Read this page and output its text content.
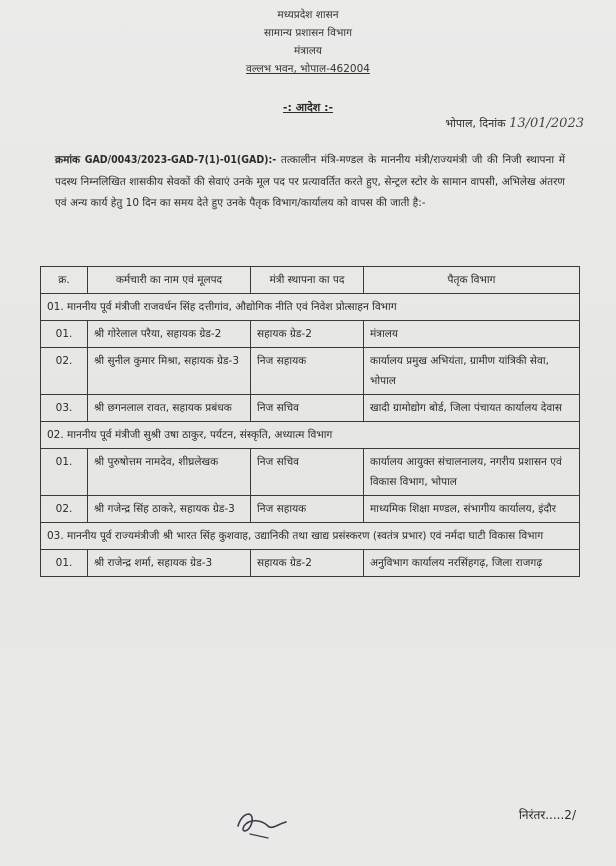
मध्यप्रदेश शासन
सामान्य प्रशासन विभाग
मंत्रालय
वल्लभ भवन, भोपाल-462004
-: आदेश :-
भोपाल, दिनांक 13/01/2023
क्रमांक GAD/0043/2023-GAD-7(1)-01(GAD):- तत्कालीन मंत्रि-मण्डल के माननीय मंत्री/राज्यमंत्री जी की निजी स्थापना में पदस्थ निम्नलिखित शासकीय सेवकों की सेवाएं उनके मूल पद पर प्रत्यावर्तित करते हुए, सेन्ट्रल स्टोर के सामान वापसी, अभिलेख अंतरण एवं अन्य कार्य हेतु 10 दिन का समय देते हुए उनके पैतृक विभाग/कार्यालय को वापस की जाती है:-
क्र.	कर्मचारी का नाम एवं मूलपद	मंत्री स्थापना का पद	पैतृक विभाग
01. माननीय पूर्व मंत्रीजी राजवर्धन सिंह दत्तीगांव, औद्योगिक नीति एवं निवेश प्रोत्साहन विभाग			
01.	श्री गोरेलाल परैया, सहायक ग्रेड-2	सहायक ग्रेड-2	मंत्रालय
02.	श्री सुनील कुमार मिश्रा, सहायक ग्रेड-3	निज सहायक	कार्यालय प्रमुख अभियंता, ग्रामीण यांत्रिकी सेवा, भोपाल
03.	श्री छगनलाल रावत, सहायक प्रबंधक	निज सचिव	खादी ग्रामोद्योग बोर्ड, जिला पंचायत कार्यालय देवास
02. माननीय पूर्व मंत्रीजी सुश्री उषा ठाकुर, पर्यटन, संस्कृति, अध्यात्म विभाग			
01.	श्री पुरुषोत्तम नामदेव, शीघ्रलेखक	निज सचिव	कार्यालय आयुक्त संचालनालय, नगरीय प्रशासन एवं विकास विभाग, भोपाल
02.	श्री गजेन्द्र सिंह ठाकरे, सहायक ग्रेड-3	निज सहायक	माध्यमिक शिक्षा मण्डल, संभागीय कार्यालय, इंदौर
03. माननीय पूर्व राज्यमंत्रीजी श्री भारत सिंह कुशवाह, उद्यानिकी तथा खाद्य प्रसंस्करण (स्वतंत्र प्रभार) एवं नर्मदा घाटी विकास विभाग			
01.	श्री राजेन्द्र शर्मा, सहायक ग्रेड-3	सहायक ग्रेड-2	अनुविभाग कार्यालय नरसिंहगढ़, जिला राजगढ़
निरंतर.....2/
